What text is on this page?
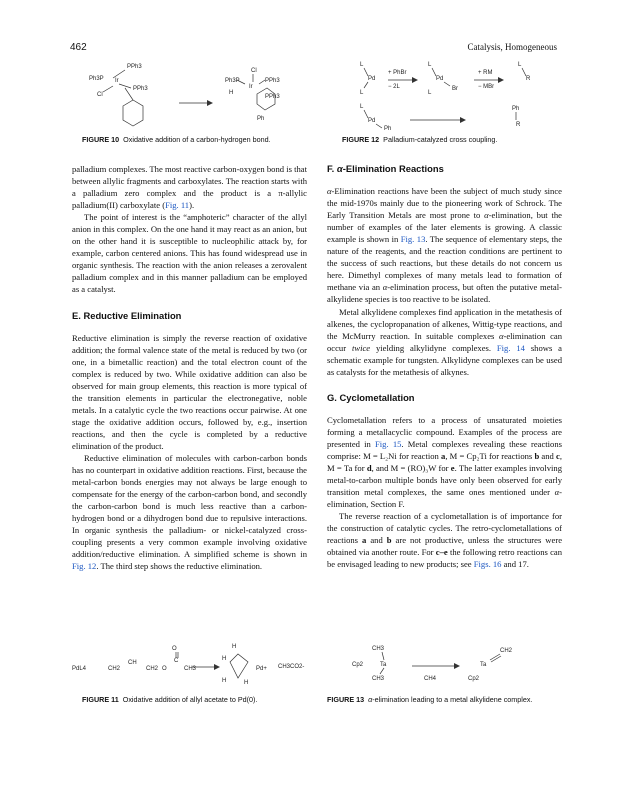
462	Catalysis, Homogeneous
Ph3P
PPh3
PPh3
Cl
Ir
Cl
Ph3P	PPh3
Ir
H
PPh3
Ph
FIGURE 10 Oxidative addition of a carbon-hydrogen bond.
L
Pd
L
+ PhBr
− 2L
L
Pd
Br
L
+ RM
− MBr
L
R
L
Pd
Ph
Ph
R
FIGURE 12 Palladium-catalyzed cross coupling.

palladium complexes. The most reactive carbon-oxygen bond is that between allylic fragments and carboxylates. The reaction starts with a palladium zero complex and the product is a π-allylic palladium(II) carboxylate (Fig. 11).

The point of interest is the “amphoteric” character of the allyl anion in this complex. On the one hand it may react as an anion, but on the other hand it is susceptible to nucleophilic attack by, for example, carbon centered anions. This has found widespread use in organic synthesis. The reaction with the anion releases a zerovalent palladium complex and in this manner palladium can be employed as a catalyst.

E. Reductive Elimination

Reductive elimination is simply the reverse reaction of oxidative addition; the formal valence state of the metal is reduced by two (or one, in a bimetallic reaction) and the total electron count of the complex is reduced by two. While oxidative addition can also be observed for main group elements, this reaction is more typical of the transition elements in particular the electronegative, noble metals. In a catalytic cycle the two reactions occur pairwise. At one stage the oxidative addition occurs, followed by, e.g., insertion reactions, and then the cycle is completed by a reductive elimination of the product.

Reductive elimination of molecules with carbon-carbon bonds has no counterpart in oxidative addition reactions. First, because the metal-carbon bonds energies may not always be large enough to compensate for the energy of the carbon-carbon bond, and secondly the carbon-carbon bond is much less reactive than a carbon-hydrogen bond or a dihydrogen bond due to repulsive interactions. In organic synthesis the palladium- or nickel-catalyzed cross-coupling presents a very common example involving oxidative addition/reductive elimination. A simplified scheme is shown in Fig. 12. The third step shows the reductive elimination.

F. α-Elimination Reactions

α-Elimination reactions have been the subject of much study since the mid-1970s mainly due to the pioneering work of Schrock. The Early Transition Metals are most prone to α-elimination, but the number of examples of the later elements is growing. A classic example is shown in Fig. 13. The sequence of elementary steps, the nature of the reagents, and the reaction conditions are pertinent to the success of such reactions, but these details do not concern us here. Dimethyl complexes of many metals lead to formation of methane via an α-elimination process, but often the putative metal-alkylidene species is too reactive to be isolated.

Metal alkylidene complexes find application in the metathesis of alkenes, the cyclopropanation of alkenes, Wittig-type reactions, and the McMurry reaction. In suitable complexes α-elimination can occur twice yielding alkylidyne complexes. Fig. 14 shows a schematic example for tungsten. Alkylidyne complexes can be used as catalysts for the metathesis of alkynes.

G. Cyclometallation

Cyclometallation refers to a process of unsaturated moieties forming a metallacyclic compound. Examples of the process are presented in Fig. 15. Metal complexes revealing these reactions comprise: M = L₂Ni for reaction a, M = Cp₂Ti for reactions b and c, M = Ta for d, and M = (RO)₃W for e. The latter examples involving metal-to-carbon multiple bonds have only been observed for early transition metal complexes, the same ones mentioned under α-elimination, Section F.

The reverse reaction of a cyclometallation is of importance for the construction of catalytic cycles. The retro-cyclometallations of reactions a and b are not productive, unless the structures were obtained via another route. For c–e the following retro reactions can be envisaged leading to new products; see Figs. 16 and 17.

PdL4	CH2
CH
CH2 O
C
CH3
O	H
H
H	H
Pd+ CH3CO2-
FIGURE 11 Oxidative addition of allyl acetate to Pd(0).
CH3
Ta
CH3
Cp2
CH4
Ta
CH2
Cp2
FIGURE 13 α-elimination leading to a metal alkylidene complex.
